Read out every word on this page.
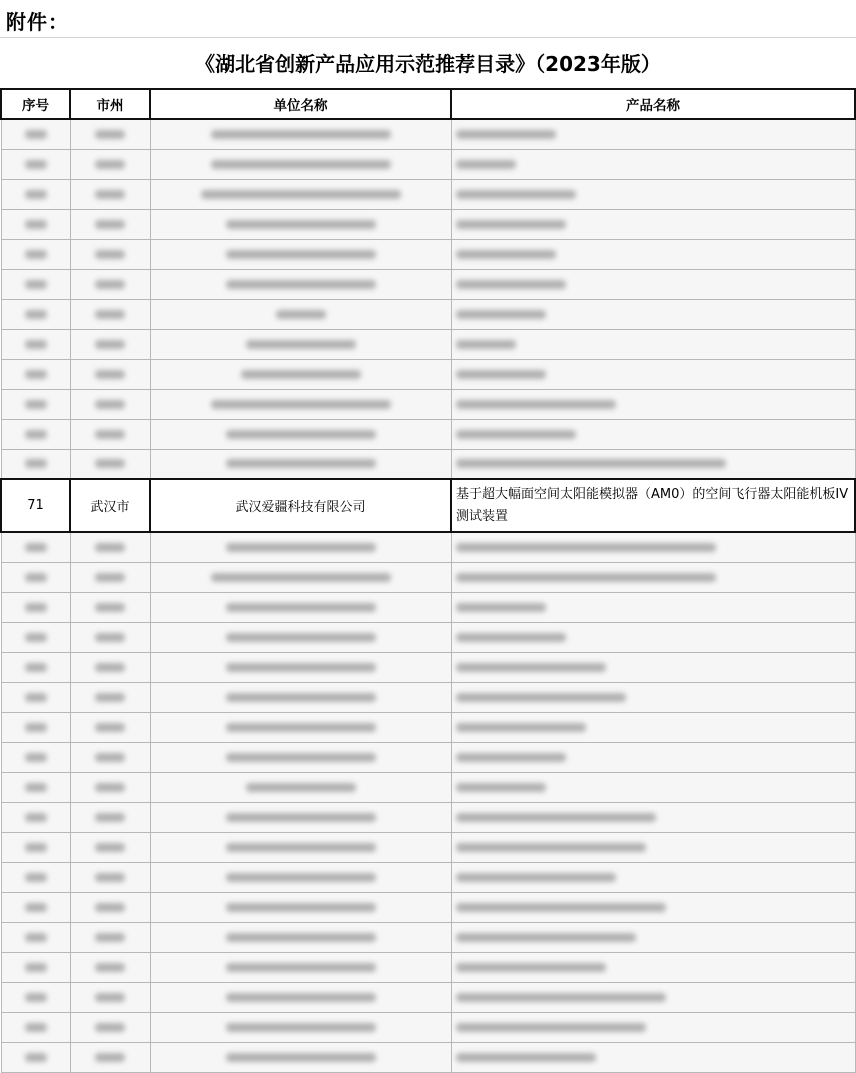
附件：
《湖北省创新产品应用示范推荐目录》（2023年版）
序号	市州	单位名称	产品名称

71	武汉市	武汉爱疆科技有限公司	基于超大幅面空间太阳能模拟器（AM0）的空间飞行器太阳能机板IV测试装置
